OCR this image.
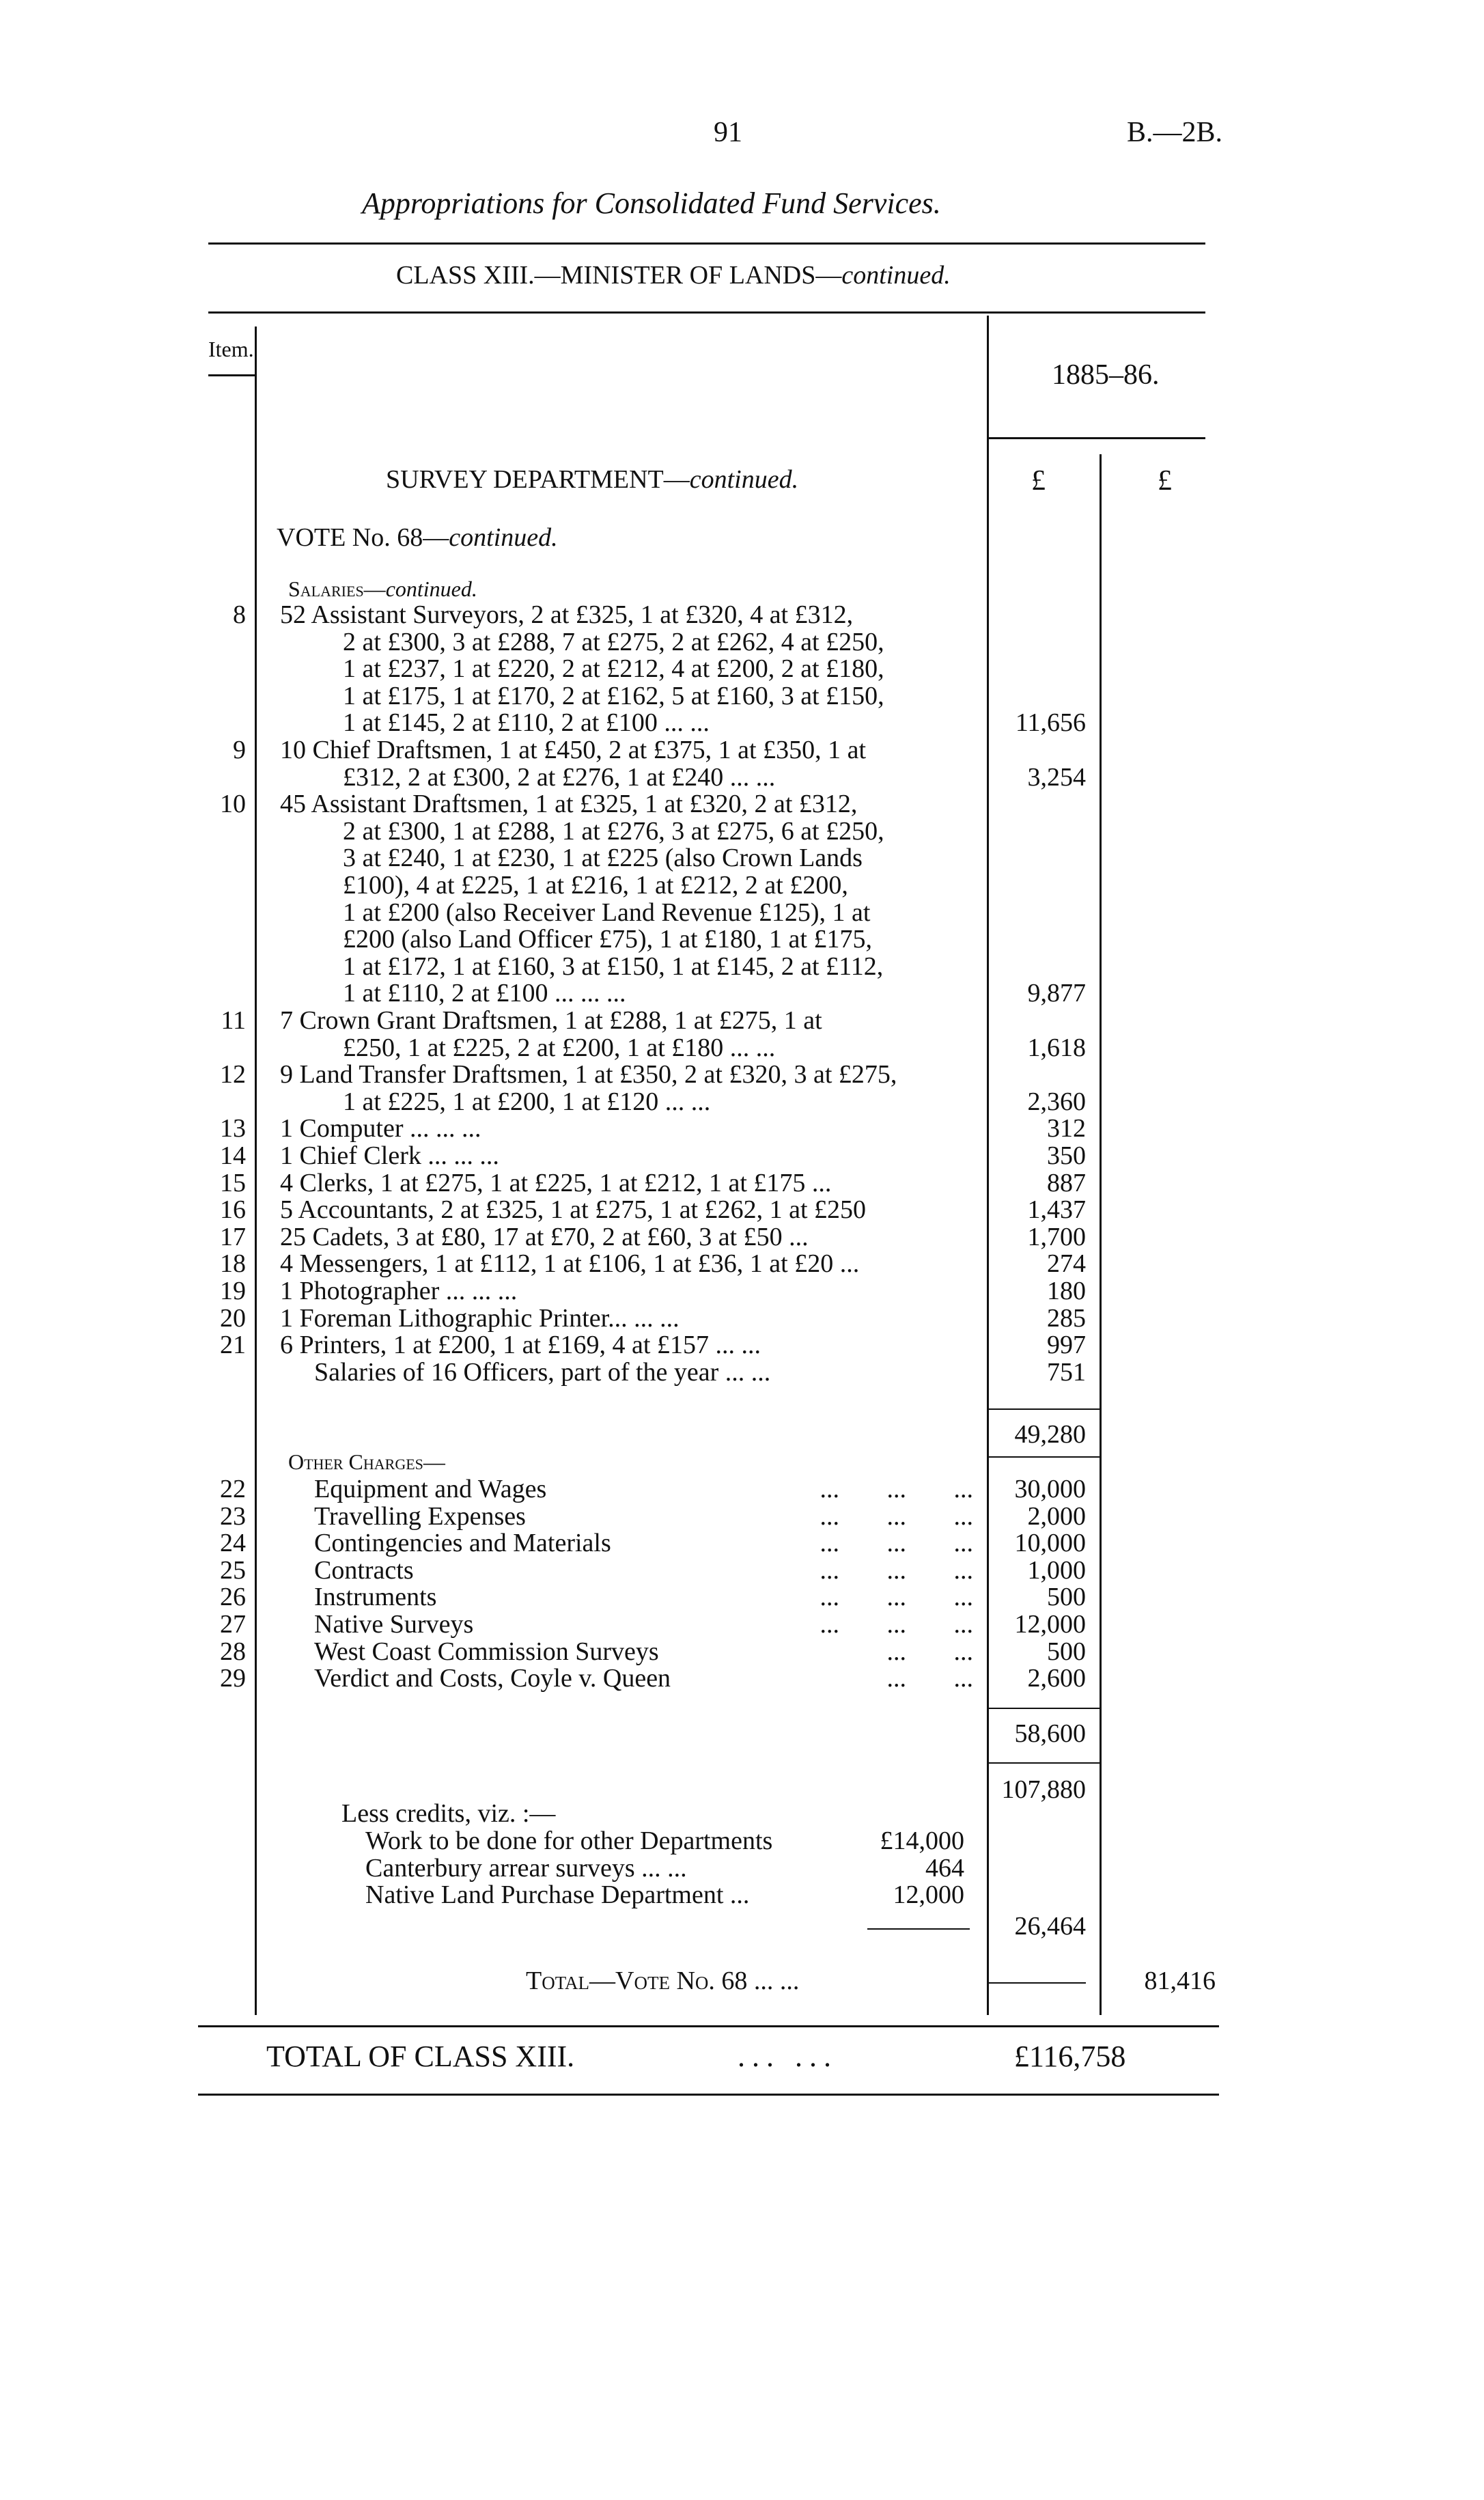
91	B.—2B.
Appropriations for Consolidated Fund Services.
CLASS XIII.—MINISTER OF LANDS—continued.
Item.
1885–86.
£	£
SURVEY DEPARTMENT—continued.
VOTE No. 68—continued.
Salaries—continued.
8 52 Assistant Surveyors, 2 at £325, 1 at £320, 4 at £312,
2 at £300, 3 at £288, 7 at £275, 2 at £262, 4 at £250,
1 at £237, 1 at £220, 2 at £212, 4 at £200, 2 at £180,
1 at £175, 1 at £170, 2 at £162, 5 at £160, 3 at £150,
1 at £145, 2 at £110, 2 at £100 ... ...	11,656
9 10 Chief Draftsmen, 1 at £450, 2 at £375, 1 at £350, 1 at
£312, 2 at £300, 2 at £276, 1 at £240 ... ...	3,254
10 45 Assistant Draftsmen, 1 at £325, 1 at £320, 2 at £312,
2 at £300, 1 at £288, 1 at £276, 3 at £275, 6 at £250,
3 at £240, 1 at £230, 1 at £225 (also Crown Lands
£100), 4 at £225, 1 at £216, 1 at £212, 2 at £200,
1 at £200 (also Receiver Land Revenue £125), 1 at
£200 (also Land Officer £75), 1 at £180, 1 at £175,
1 at £172, 1 at £160, 3 at £150, 1 at £145, 2 at £112,
1 at £110, 2 at £100 ... ... ...	9,877
11 7 Crown Grant Draftsmen, 1 at £288, 1 at £275, 1 at
£250, 1 at £225, 2 at £200, 1 at £180 ... ...	1,618
12 9 Land Transfer Draftsmen, 1 at £350, 2 at £320, 3 at £275,
1 at £225, 1 at £200, 1 at £120 ... ...	2,360
13 1 Computer ... ... ...	312
14 1 Chief Clerk ... ... ...	350
15 4 Clerks, 1 at £275, 1 at £225, 1 at £212, 1 at £175 ...	887
16 5 Accountants, 2 at £325, 1 at £275, 1 at £262, 1 at £250	1,437
17 25 Cadets, 3 at £80, 17 at £70, 2 at £60, 3 at £50 ...	1,700
18 4 Messengers, 1 at £112, 1 at £106, 1 at £36, 1 at £20 ...	274
19 1 Photographer ... ... ...	180
20 1 Foreman Lithographic Printer... ... ...	285
21 6 Printers, 1 at £200, 1 at £169, 4 at £157 ... ...	997
Salaries of 16 Officers, part of the year ... ...	751
49,280
Other Charges—
22	Equipment and Wages	... ... ...	30,000
23	Travelling Expenses	... ... ...	2,000
24	Contingencies and Materials	... ... ...	10,000
25	Contracts	... ... ...	1,000
26	Instruments	... ... ...	500
27	Native Surveys	... ... ...	12,000
28	West Coast Commission Surveys	... ...	500
29	Verdict and Costs, Coyle v. Queen	... ...	2,600
58,600
107,880
Less credits, viz. :—
Work to be done for other Departments	£14,000
Canterbury arrear surveys ... ...	464
Native Land Purchase Department ...	12,000
26,464
Total—Vote No. 68 ... ...	81,416
TOTAL OF CLASS XIII.	... ...	£116,758
